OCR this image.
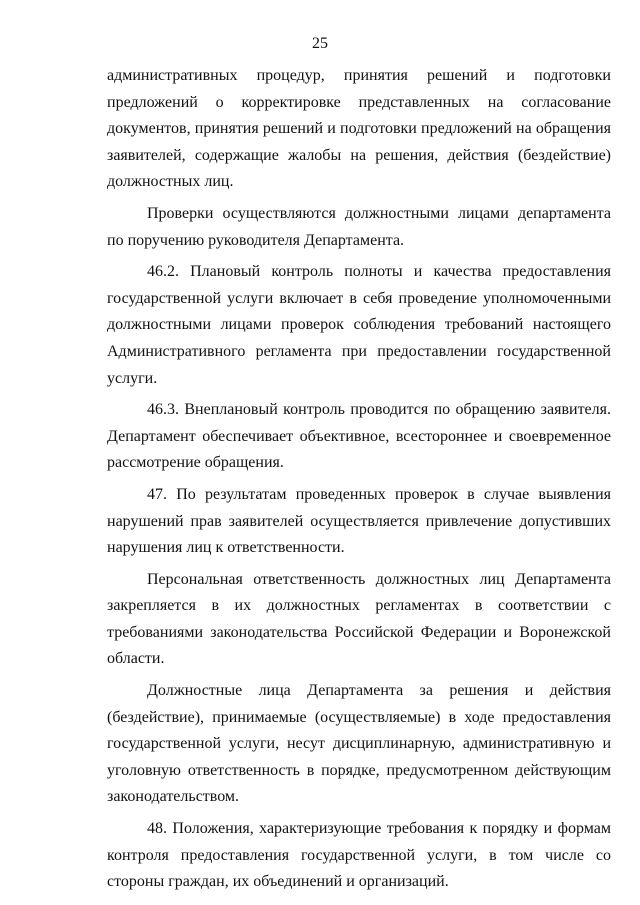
25

административных процедур, принятия решений и подготовки предложений о корректировке представленных на согласование документов, принятия решений и подготовки предложений на обращения заявителей, содержащие жалобы на решения, действия (бездействие) должностных лиц.

Проверки осуществляются должностными лицами департамента по поручению руководителя Департамента.

46.2. Плановый контроль полноты и качества предоставления государственной услуги включает в себя проведение уполномоченными должностными лицами проверок соблюдения требований настоящего Административного регламента при предоставлении государственной услуги.

46.3. Внеплановый контроль проводится по обращению заявителя. Департамент обеспечивает объективное, всестороннее и своевременное рассмотрение обращения.

47. По результатам проведенных проверок в случае выявления нарушений прав заявителей осуществляется привлечение допустивших нарушения лиц к ответственности.

Персональная ответственность должностных лиц Департамента закрепляется в их должностных регламентах в соответствии с требованиями законодательства Российской Федерации и Воронежской области.

Должностные лица Департамента за решения и действия (бездействие), принимаемые (осуществляемые) в ходе предоставления государственной услуги, несут дисциплинарную, административную и уголовную ответственность в порядке, предусмотренном действующим законодательством.

48. Положения, характеризующие требования к порядку и формам контроля предоставления государственной услуги, в том числе со стороны граждан, их объединений и организаций.
